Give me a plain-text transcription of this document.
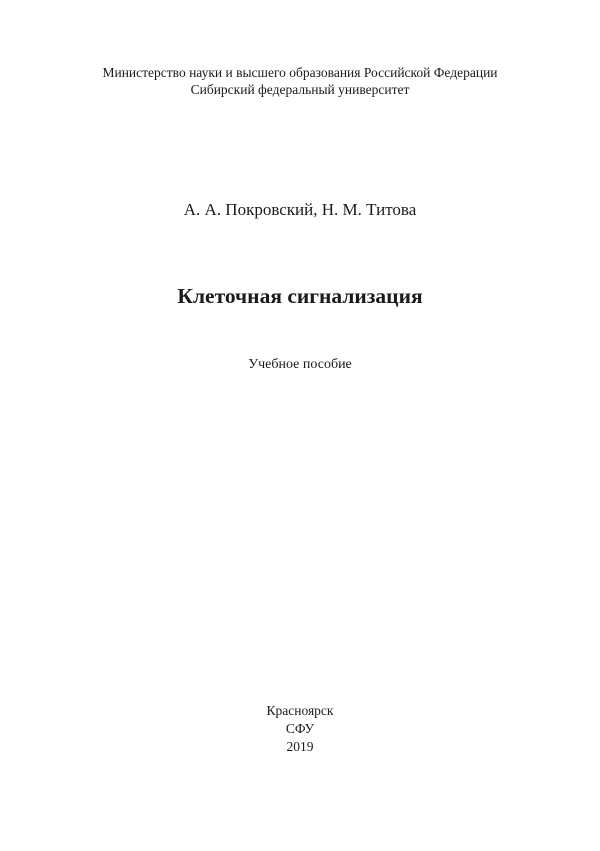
Министерство науки и высшего образования Российской Федерации
Сибирский федеральный университет
А. А. Покровский, Н. М. Титова
Клеточная сигнализация
Учебное пособие
Красноярск
СФУ
2019
